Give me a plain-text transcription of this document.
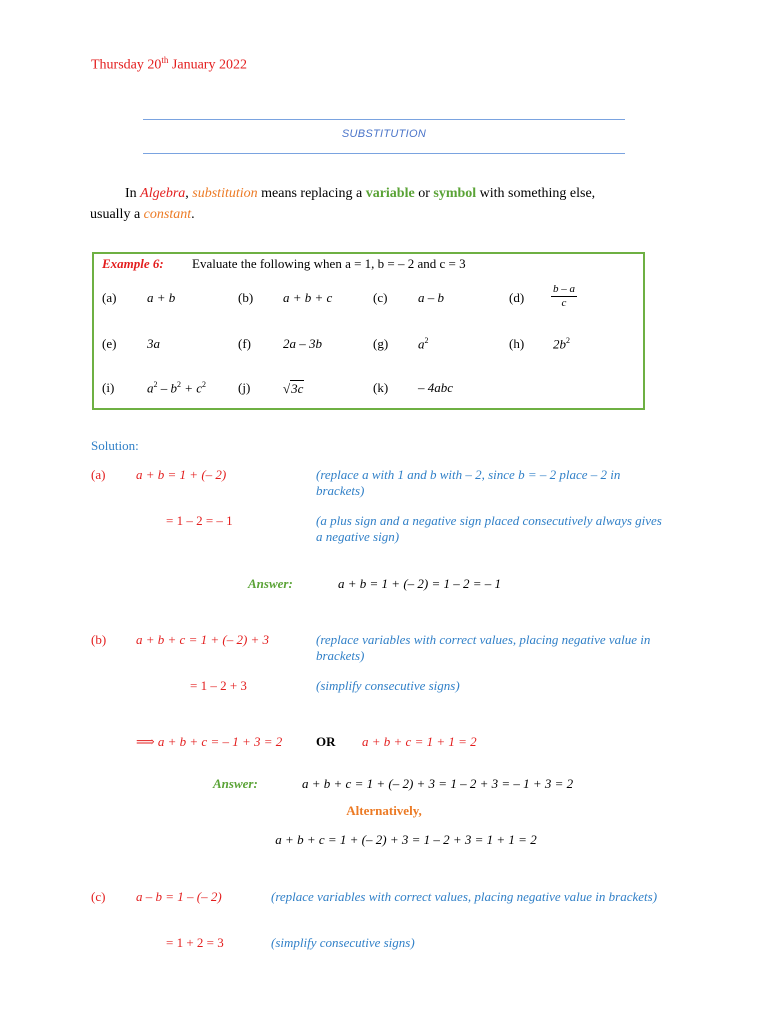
Thursday 20th January 2022
SUBSTITUTION
In Algebra, substitution means replacing a variable or symbol with something else,
usually a constant.
Example 6: Evaluate the following when a = 1, b = – 2 and c = 3
(a) a + b	(b) a + b + c	(c) a – b	$(d) \frac{b - a}{c}$
(e) 3a	(f) 2a – 3b	(g) $a^2$	(h) $2b^2$
(i)	$a^2 - b^2 + c^2$ (j)	√3c	(k) – 4abc
Solution:
(a) a + b = 1 + (– 2)	(replace a with 1 and b with – 2, since b = – 2 place – 2 in brackets)
= 1 – 2 = – 1	(a plus sign and a negative sign placed consecutively always gives a negative sign)
Answer:	a + b = 1 + (– 2) = 1 – 2 = – 1
(b) a + b + c = 1 + (– 2) + 3	(replace variables with correct values, placing negative value in brackets)
= 1 – 2 + 3	(simplify consecutive signs)
⟹ a + b + c = – 1 + 3 = 2	OR a + b + c = 1 + 1 = 2
Answer:	a + b + c = 1 + (– 2) + 3 = 1 – 2 + 3 = – 1 + 3 = 2
Alternatively,
a + b + c = 1 + (– 2) + 3 = 1 – 2 + 3 = 1 + 1 = 2
(c) a – b = 1 – (– 2)	(replace variables with correct values, placing negative value in brackets)
= 1 + 2 = 3	(simplify consecutive signs)
